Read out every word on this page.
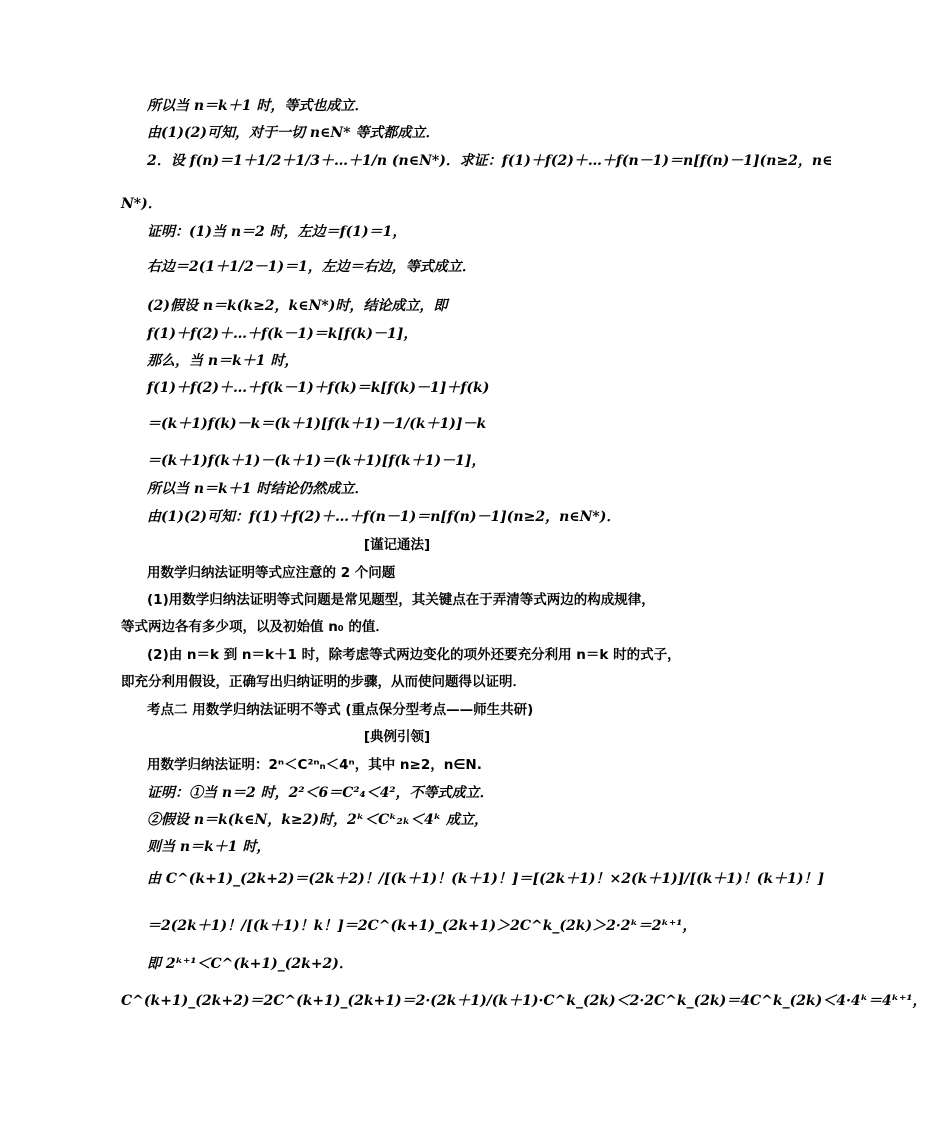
所以当 n＝k＋1 时，等式也成立．
由(1)(2)可知，对于一切 n∈N* 等式都成立．
2．设 f(n)＝1＋1/2＋1/3＋…＋1/n (n∈N*)．求证：f(1)＋f(2)＋…＋f(n－1)＝n[f(n)－1](n≥2，n∈
N*)．
证明：(1)当 n＝2 时，左边＝f(1)＝1，
右边＝2(1＋1/2－1)＝1，左边＝右边，等式成立．
(2)假设 n＝k(k≥2，k∈N*)时，结论成立，即
f(1)＋f(2)＋…＋f(k－1)＝k[f(k)－1]，
那么，当 n＝k＋1 时，
f(1)＋f(2)＋…＋f(k－1)＋f(k)＝k[f(k)－1]＋f(k)
＝(k＋1)f(k)－k＝(k＋1)[f(k＋1)－1/(k＋1)]－k
＝(k＋1)f(k＋1)－(k＋1)＝(k＋1)[f(k＋1)－1]，
所以当 n＝k＋1 时结论仍然成立．
由(1)(2)可知：f(1)＋f(2)＋…＋f(n－1)＝n[f(n)－1](n≥2，n∈N*)．
[谨记通法]
用数学归纳法证明等式应注意的 2 个问题
(1)用数学归纳法证明等式问题是常见题型，其关键点在于弄清等式两边的构成规律，
等式两边各有多少项，以及初始值 n₀ 的值．
(2)由 n＝k 到 n＝k＋1 时，除考虑等式两边变化的项外还要充分利用 n＝k 时的式子，
即充分利用假设，正确写出归纳证明的步骤，从而使问题得以证明．
考点二 用数学归纳法证明不等式 (重点保分型考点——师生共研)
[典例引领]
用数学归纳法证明：2ⁿ＜C²ⁿₙ＜4ⁿ，其中 n≥2，n∈N.
证明：①当 n＝2 时，2²＜6＝C²₄＜4²，不等式成立．
②假设 n＝k(k∈N，k≥2)时，2ᵏ＜Cᵏ₂ₖ＜4ᵏ 成立，
则当 n＝k＋1 时，
由 C^(k+1)_(2k+2)＝(2k＋2)！/[(k＋1)！(k＋1)！]＝[(2k＋1)！×2(k＋1)]/[(k＋1)！(k＋1)！]
＝2(2k＋1)！/[(k＋1)！k！]＝2C^(k+1)_(2k+1)＞2C^k_(2k)＞2·2ᵏ＝2ᵏ⁺¹，
即 2ᵏ⁺¹＜C^(k+1)_(2k+2)．
C^(k+1)_(2k+2)＝2C^(k+1)_(2k+1)＝2·(2k＋1)/(k＋1)·C^k_(2k)＜2·2C^k_(2k)＝4C^k_(2k)＜4·4ᵏ＝4ᵏ⁺¹，
